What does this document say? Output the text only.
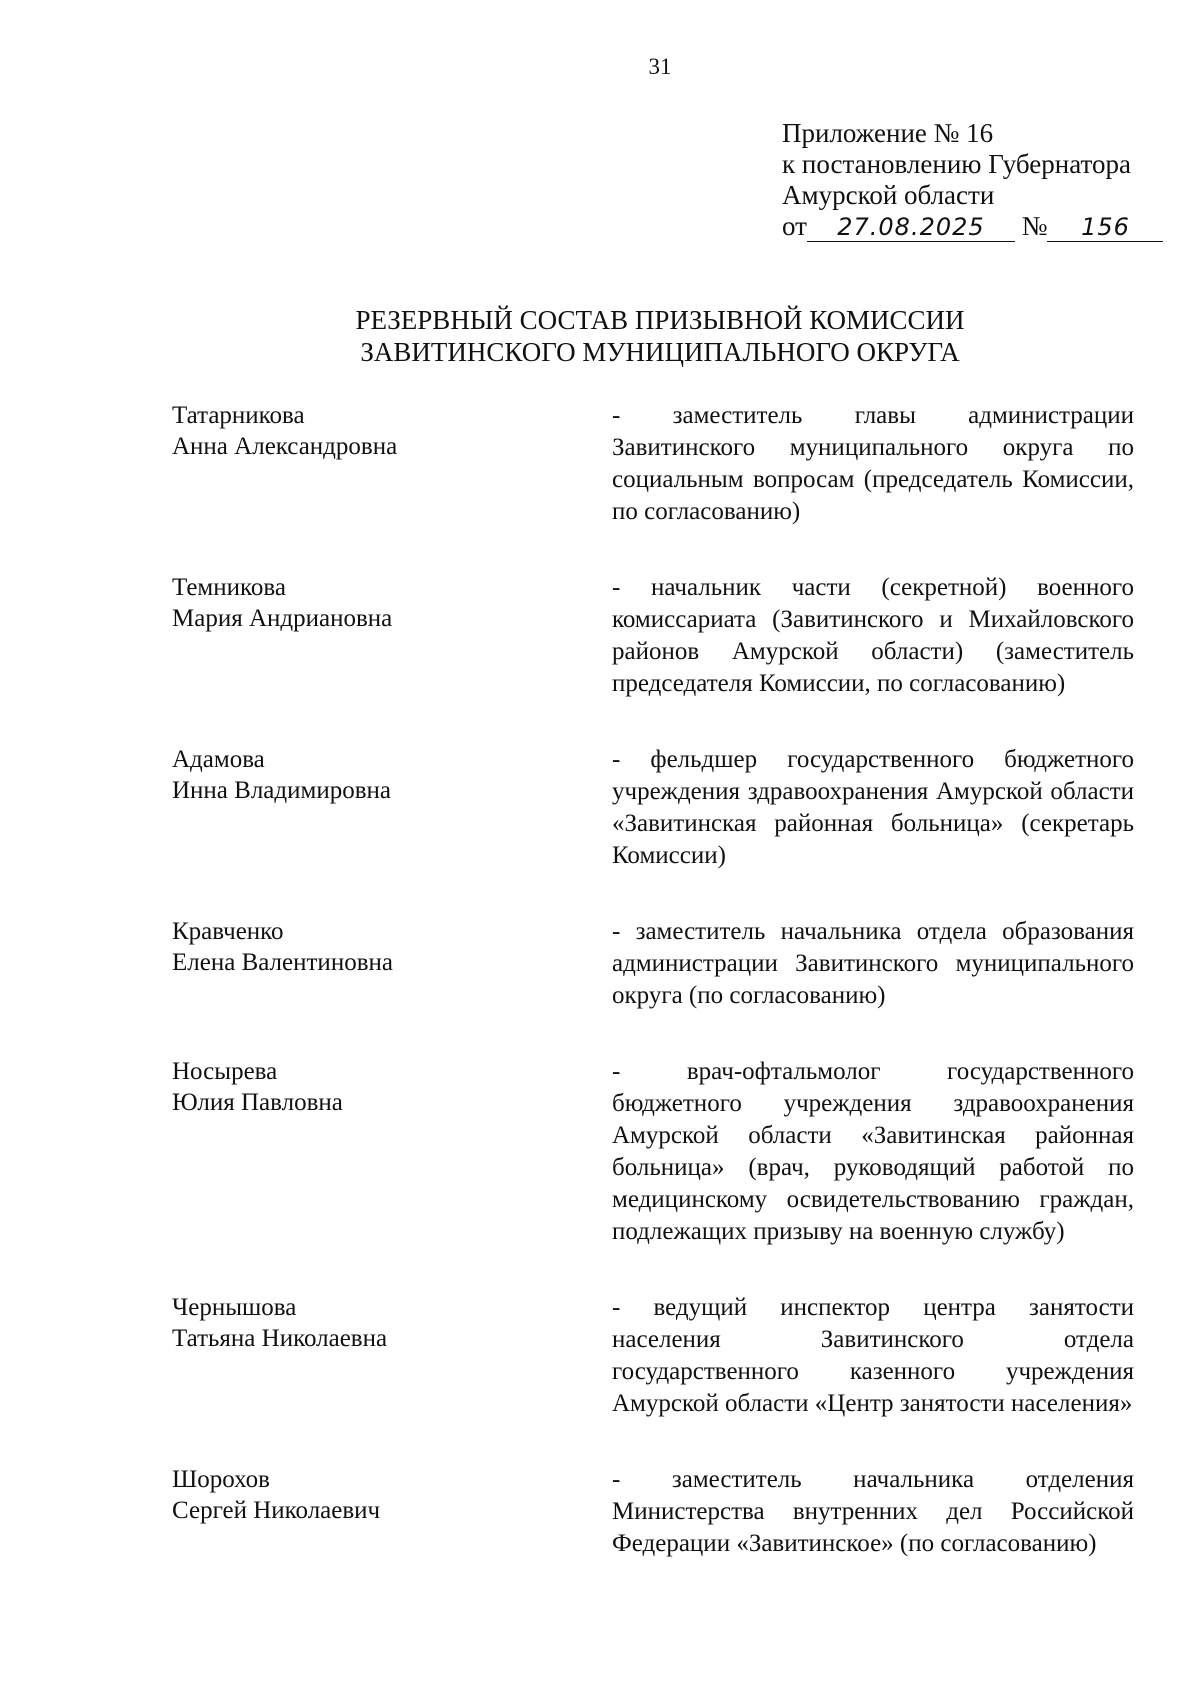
31
Приложение № 16
к постановлению Губернатора
Амурской области
от 27.08.2025 № 156
РЕЗЕРВНЫЙ СОСТАВ ПРИЗЫВНОЙ КОМИССИИ
ЗАВИТИНСКОГО МУНИЦИПАЛЬНОГО ОКРУГА
Татарникова
Анна Александровна
- заместитель главы администрации Завитинского муниципального округа по социальным вопросам (председатель Комиссии, по согласованию)
Темникова
Мария Андриановна
- начальник части (секретной) военного комиссариата (Завитинского и Михайловского районов Амурской области) (заместитель председателя Комиссии, по согласованию)
Адамова
Инна Владимировна
- фельдшер государственного бюджетного учреждения здравоохранения Амурской области «Завитинская районная больница» (секретарь Комиссии)
Кравченко
Елена Валентиновна
- заместитель начальника отдела образования администрации Завитинского муниципального округа (по согласованию)
Носырева
Юлия Павловна
- врач-офтальмолог государственного бюджетного учреждения здравоохранения Амурской области «Завитинская районная больница» (врач, руководящий работой по медицинскому освидетельствованию граждан, подлежащих призыву на военную службу)
Чернышова
Татьяна Николаевна
- ведущий инспектор центра занятости населения Завитинского отдела государственного казенного учреждения Амурской области «Центр занятости населения»
Шорохов
Сергей Николаевич
- заместитель начальника отделения Министерства внутренних дел Российской Федерации «Завитинское» (по согласованию)
